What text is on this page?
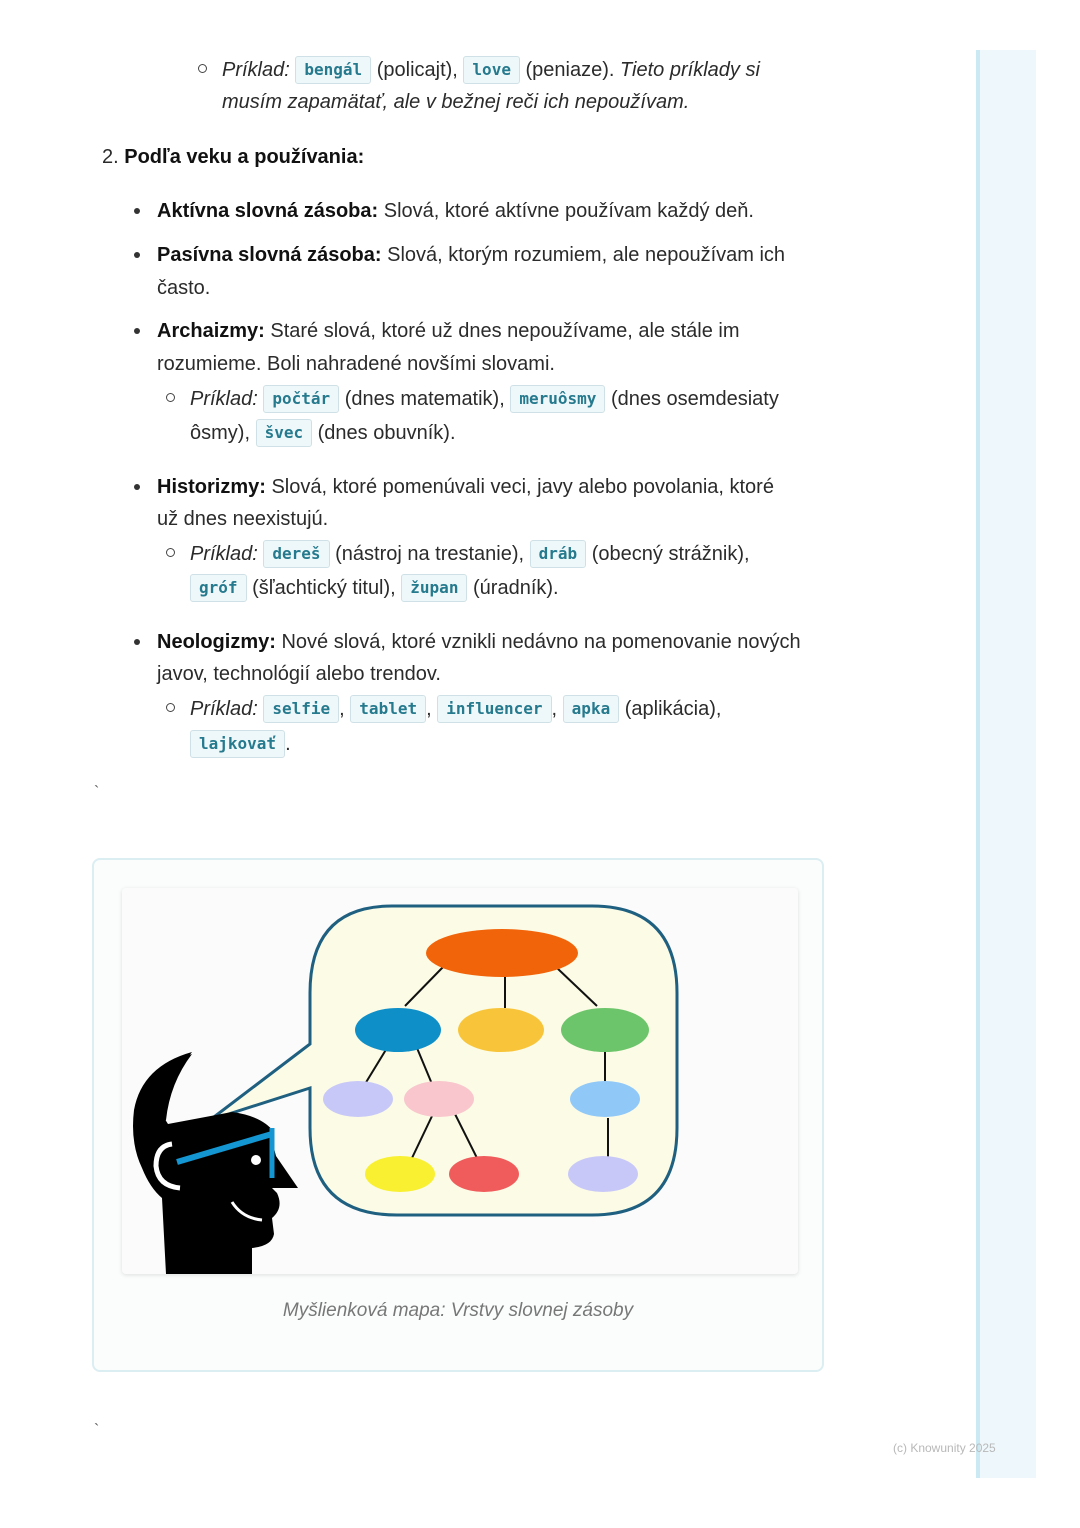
(c) Knowunity 2025
Príklad: bengál (policajt), love (peniaze). Tieto príklady si
musím zapamätať, ale v bežnej reči ich nepoužívam.
2. Podľa veku a používania:
Aktívna slovná zásoba: Slová, ktoré aktívne používam každý deň.
Pasívna slovná zásoba: Slová, ktorým rozumiem, ale nepoužívam ich
často.
Archaizmy: Staré slová, ktoré už dnes nepoužívame, ale stále im
rozumieme. Boli nahradené novšími slovami.
Príklad: počtár (dnes matematik), meruôsmy (dnes osemdesiaty
ôsmy), švec (dnes obuvník).
Historizmy: Slová, ktoré pomenúvali veci, javy alebo povolania, ktoré
už dnes neexistujú.
Príklad: dereš (nástroj na trestanie), dráb (obecný strážnik),
gróf (šľachtický titul), župan (úradník).
Neologizmy: Nové slová, ktoré vznikli nedávno na pomenovanie nových
javov, technológií alebo trendov.
Príklad: selfie , tablet , influencer , apka (aplikácia),
lajkovať .
`
Myšlienková mapa: Vrstvy slovnej zásoby
`
